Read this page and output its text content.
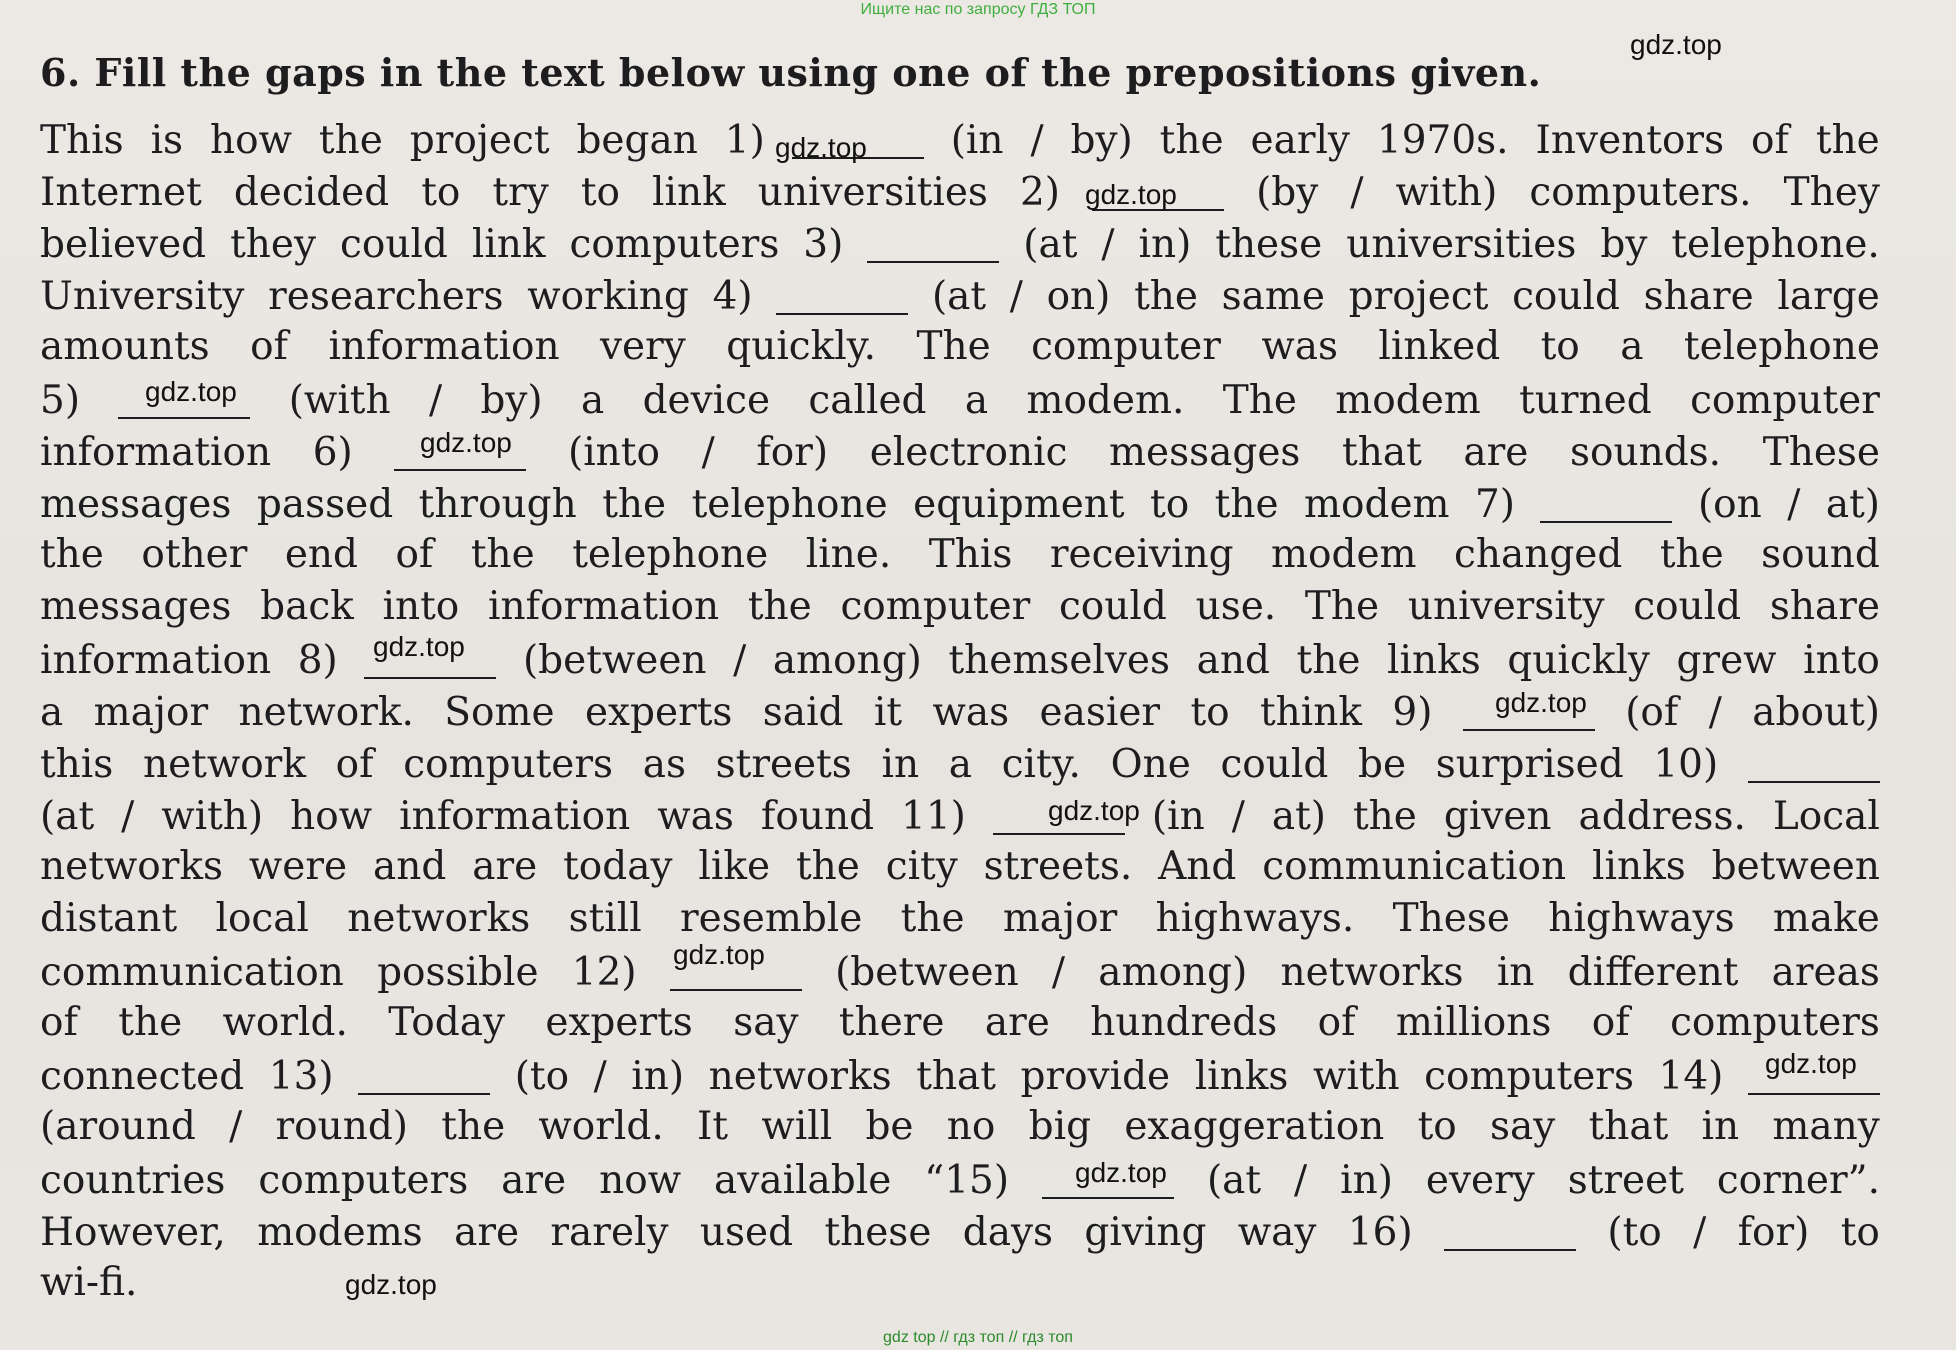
Ищите нас по запросу ГДЗ ТОП
6. Fill the gaps in the text below using one of the prepositions given.
This is how the project began 1)	(in / by) the early 1970s. Inventors of the
Internet decided to try to link universities 2)	(by / with) computers. They
believed they could link computers 3)	(at / in) these universities by telephone.
University researchers working 4)	(at / on) the same project could share large
amounts of information very quickly. The computer was linked to a telephone
5)	(with / by) a device called a modem. The modem turned computer
information 6)	(into / for) electronic messages that are sounds. These
messages passed through the telephone equipment to the modem 7)	(on / at)
the other end of the telephone line. This receiving modem changed the sound
messages back into information the computer could use. The university could share
information 8)	(between / among) themselves and the links quickly grew into
a major network. Some experts said it was easier to think 9)	(of / about)
this network of computers as streets in a city. One could be surprised 10)
(at / with) how information was found 11)	(in / at) the given address. Local
networks were and are today like the city streets. And communication links between
distant local networks still resemble the major highways. These highways make
communication possible 12)	(between / among) networks in different areas
of the world. Today experts say there are hundreds of millions of computers
connected 13)	(to / in) networks that provide links with computers 14)
(around / round) the world. It will be no big exaggeration to say that in many
countries computers are now available “15)	(at / in) every street corner”.
However, modems are rarely used these days giving way 16)	(to / for) to
wi-fi.
gdz.top
gdz.top
gdz.top
gdz.top
gdz.top
gdz.top
gdz.top
gdz.top
gdz.top
gdz.top
gdz.top
gdz.top
gdz top // гдз топ // гдз топ
